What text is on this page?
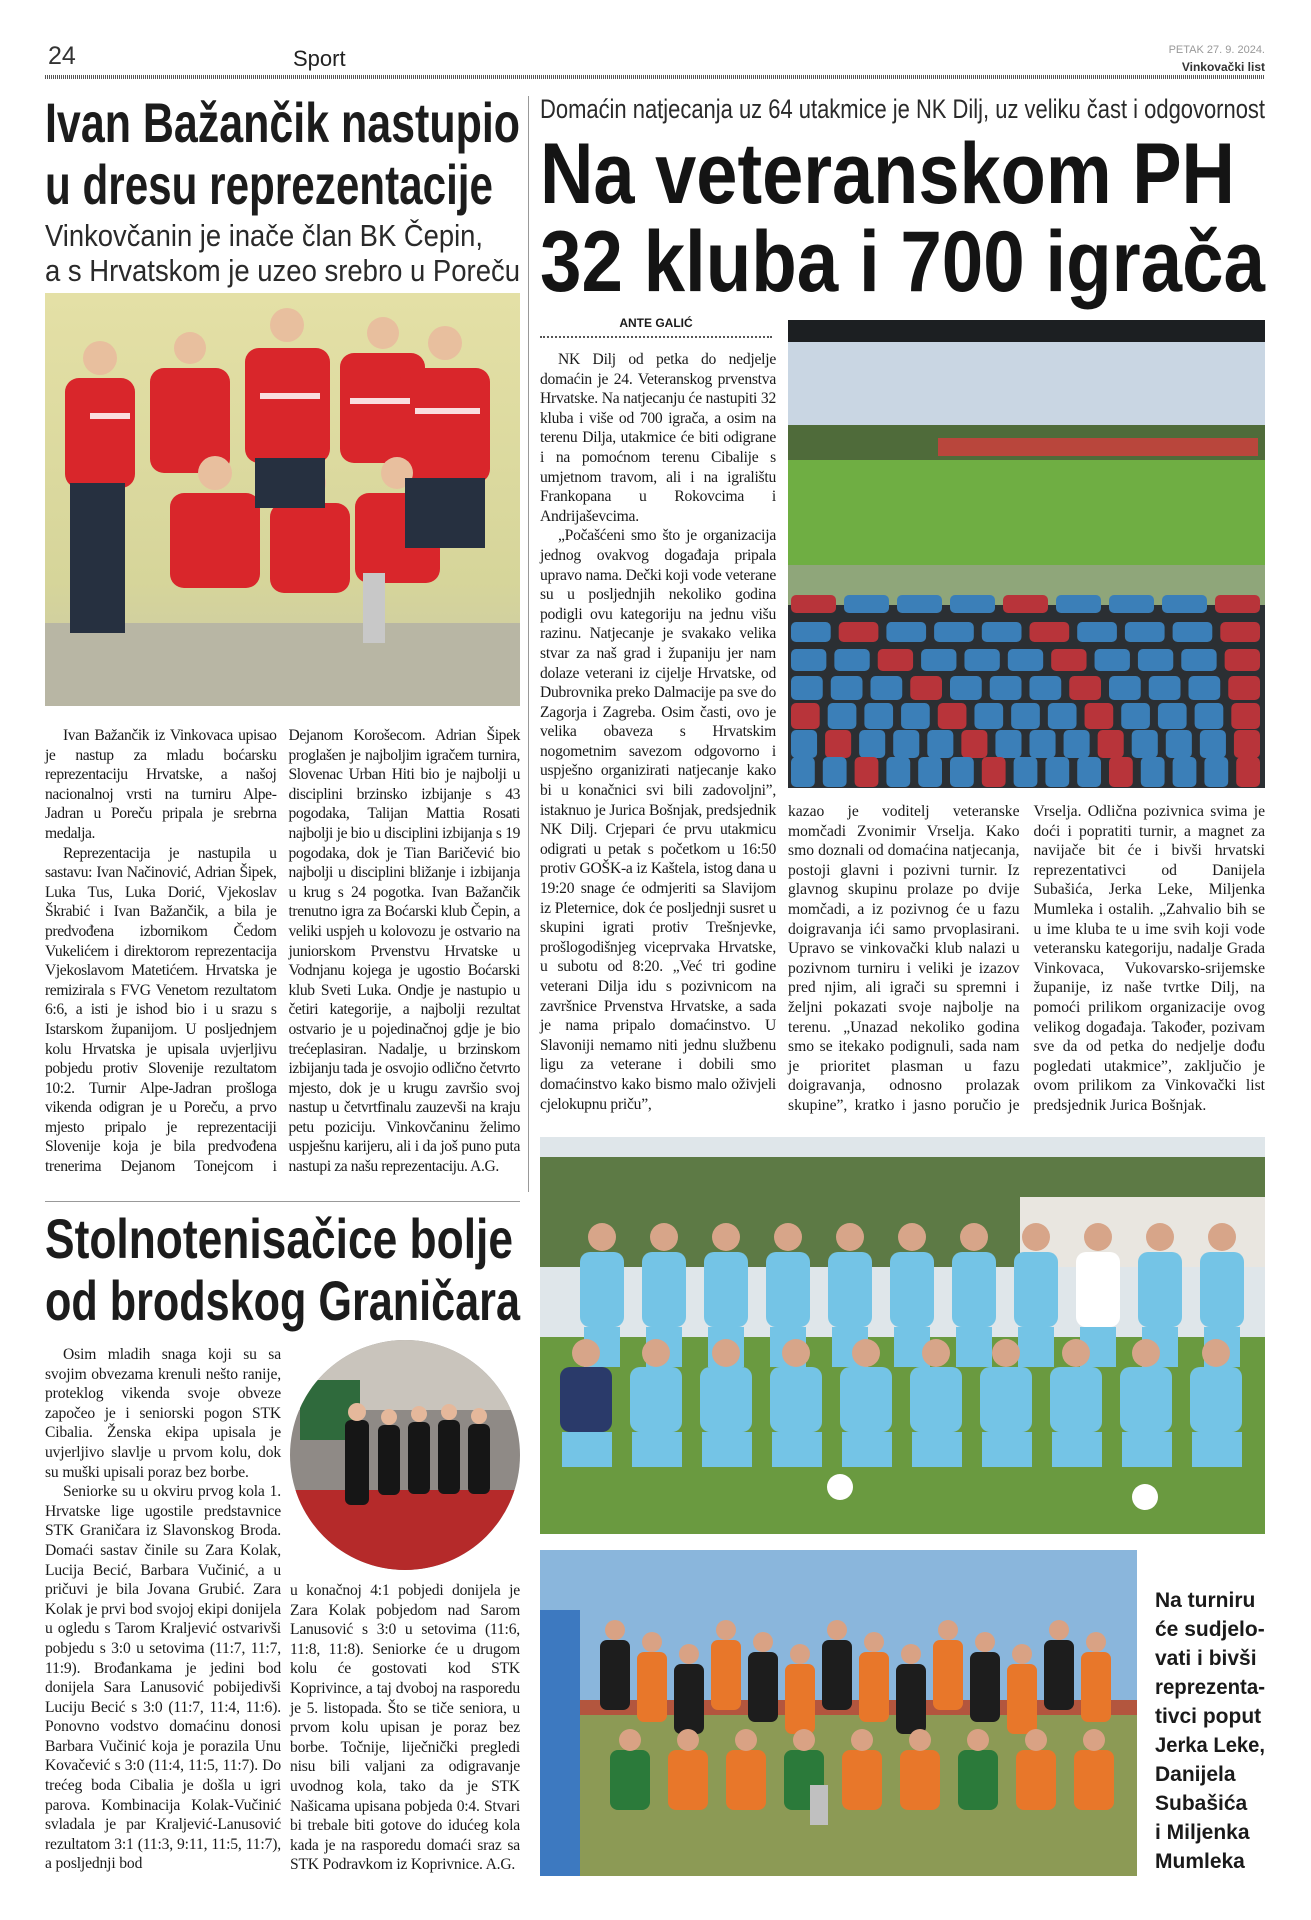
24	Sport	PETAK 27. 9. 2024.
Vinkovački list
Ivan Bažančik nastupio
u dresu reprezentacije
Vinkovčanin je inače član BK Čepin,
a s Hrvatskom je uzeo srebro u Poreču

Ivan Bažančik iz Vinkovaca upisao je nastup za mladu boćarsku reprezentaciju Hrvatske, a našoj nacionalnoj vrsti na turniru Alpe-Jadran u Poreču pripala je srebrna medalja.

Reprezentacija je nastupila u sastavu: Ivan Načinović, Adrian Šipek, Luka Tus, Luka Dorić, Vjekoslav Škrabić i Ivan Bažančik, a bila je predvođena izbornikom Čedom Vukelićem i direktorom reprezentacija Vjekoslavom Matetićem. Hrvatska je remizirala s FVG Venetom rezultatom 6:6, a isti je ishod bio i u srazu s Istarskom županijom. U posljednjem kolu Hrvatska je upisala uvjerljivu pobjedu protiv Slovenije rezultatom 10:2. Turnir Alpe-Jadran prošloga vikenda odigran je u Poreču, a prvo mjesto pripalo je reprezentaciji Slovenije koja je bila predvođena trenerima Dejanom Tonejcom i Dejanom Korošecom. Adrian Šipek proglašen je najboljim igračem turnira, Slovenac Urban Hiti bio je najbolji u disciplini brzinsko izbijanje s 43 pogodaka, Talijan Mattia Rosati najbolji je bio u disciplini izbijanja s 19 pogodaka, dok je Tian Baričević bio najbolji u disciplini bližanje i izbijanja u krug s 24 pogotka. Ivan Bažančik trenutno igra za Boćarski klub Čepin, a veliki uspjeh u kolovozu je ostvario na juniorskom Prvenstvu Hrvatske u Vodnjanu kojega je ugostio Boćarski klub Sveti Luka. Ondje je nastupio u četiri kategorije, a najbolji rezultat ostvario je u pojedinačnoj gdje je bio trećeplasiran. Nadalje, u brzinskom izbijanju tada je osvojio odlično četvrto mjesto, dok je u krugu završio svoj nastup u četvrtfinalu zauzevši na kraju petu poziciju. Vinkovčaninu želimo uspješnu karijeru, ali i da još puno puta nastupi za našu reprezentaciju. A.G.

Stolnotenisačice bolje
od brodskog Graničara

Osim mladih snaga koji su sa svojim obvezama krenuli nešto ranije, proteklog vikenda svoje obveze započeo je i seniorski pogon STK Cibalia. Ženska ekipa upisala je uvjerljivo slavlje u prvom kolu, dok su muški upisali poraz bez borbe.

Seniorke su u okviru prvog kola 1. Hrvatske lige ugostile predstavnice STK Graničara iz Slavonskog Broda. Domaći sastav činile su Zara Kolak, Lucija Becić, Barbara Vučinić, a u pričuvi je bila Jovana Grubić. Zara Kolak je prvi bod svojoj ekipi donijela u ogledu s Tarom Kraljević ostvarivši pobjedu s 3:0 u setovima (11:7, 11:7, 11:9). Brođankama je jedini bod donijela Sara Lanusović pobijedivši Luciju Becić s 3:0 (11:7, 11:4, 11:6). Ponovno vodstvo domaćinu donosi Barbara Vučinić koja je porazila Unu Kovačević s 3:0 (11:4, 11:5, 11:7). Do trećeg boda Cibalia je došla u igri parova. Kombinacija Kolak-Vučinić svladala je par Kraljević-Lanusović rezultatom 3:1 (11:3, 9:11, 11:5, 11:7), a posljednji bod

u konačnoj 4:1 pobjedi donijela je Zara Kolak pobjedom nad Sarom Lanusović s 3:0 u setovima (11:6, 11:8, 11:8). Seniorke će u drugom kolu će gostovati kod STK Koprivince, a taj dvoboj na rasporedu je 5. listopada. Što se tiče seniora, u prvom kolu upisan je poraz bez borbe. Točnije, liječnički pregledi nisu bili valjani za odigravanje uvodnog kola, tako da je STK Našicama upisana pobjeda 0:4. Stvari bi trebale biti gotove do idućeg kola kada je na rasporedu domaći sraz sa STK Podravkom iz Koprivnice. A.G.

Domaćin natjecanja uz 64 utakmice je NK Dilj, uz veliku čast i odgovornost
Na veteranskom PH
32 kluba i 700 igrača
ANTE GALIĆ

NK Dilj od petka do nedjelje domaćin je 24. Veteranskog prvenstva Hrvatske. Na natjecanju će nastupiti 32 kluba i više od 700 igrača, a osim na terenu Dilja, utakmice će biti odigrane i na pomoćnom terenu Cibalije s umjetnom travom, ali i na igralištu Frankopana u Rokovcima i Andrijaševcima.

„Počašćeni smo što je organizacija jednog ovakvog događaja pripala upravo nama. Dečki koji vode veterane su u posljednjih nekoliko godina podigli ovu kategoriju na jednu višu razinu. Natjecanje je svakako velika stvar za naš grad i županiju jer nam dolaze veterani iz cijelje Hrvatske, od Dubrovnika preko Dalmacije pa sve do Zagorja i Zagreba. Osim časti, ovo je velika obaveza s Hrvatskim nogometnim savezom odgovorno i uspješno organizirati natjecanje kako bi u konačnici svi bili zadovoljni”, istaknuo je Jurica Bošnjak, predsjednik NK Dilj. Crjepari će prvu utakmicu odigrati u petak s početkom u 16:50 protiv GOŠK-a iz Kaštela, istog dana u 19:20 snage će odmjeriti sa Slavijom iz Pleternice, dok će posljednji susret u skupini igrati protiv Trešnjevke, prošlogodišnjeg viceprvaka Hrvatske, u subotu od 8:20. „Već tri godine veterani Dilja idu s pozivnicom na završnice Prvenstva Hrvatske, a sada je nama pripalo domaćinstvo. U Slavoniji nemamo niti jednu službenu ligu za veterane i dobili smo domaćinstvo kako bismo malo oživjeli cjelokupnu priču”,

kazao je voditelj veteranske momčadi Zvonimir Vrselja. Kako smo doznali od domaćina natjecanja, postoji glavni i pozivni turnir. Iz glavnog skupinu prolaze po dvije momčadi, a iz pozivnog će u fazu doigravanja ići samo prvoplasirani. Upravo se vinkovački klub nalazi u pozivnom turniru i veliki je izazov pred njim, ali igrači su spremni i željni pokazati svoje najbolje na terenu. „Unazad nekoliko godina smo se itekako podignuli, sada nam je prioritet plasman u fazu doigravanja, odnosno prolazak skupine”, kratko i jasno poručio je Vrselja. Odlična pozivnica svima je doći i popratiti turnir, a magnet za navijače bit će i bivši hrvatski reprezentativci od Danijela Subašića, Jerka Leke, Miljenka Mumleka i ostalih. „Zahvalio bih se u ime kluba te u ime svih koji vode veteransku kategoriju, nadalje Grada Vinkovaca, Vukovarsko-srijemske županije, iz naše tvrtke Dilj, na pomoći prilikom organizacije ovog velikog događaja. Također, pozivam sve da od petka do nedjelje dođu pogledati utakmice”, zaključio je ovom prilikom za Vinkovački list predsjednik Jurica Bošnjak.

Na turniru
će sudjelo-
vati i bivši
reprezenta-
tivci poput
Jerka Leke,
Danijela
Subašića
i Miljenka
Mumleka
